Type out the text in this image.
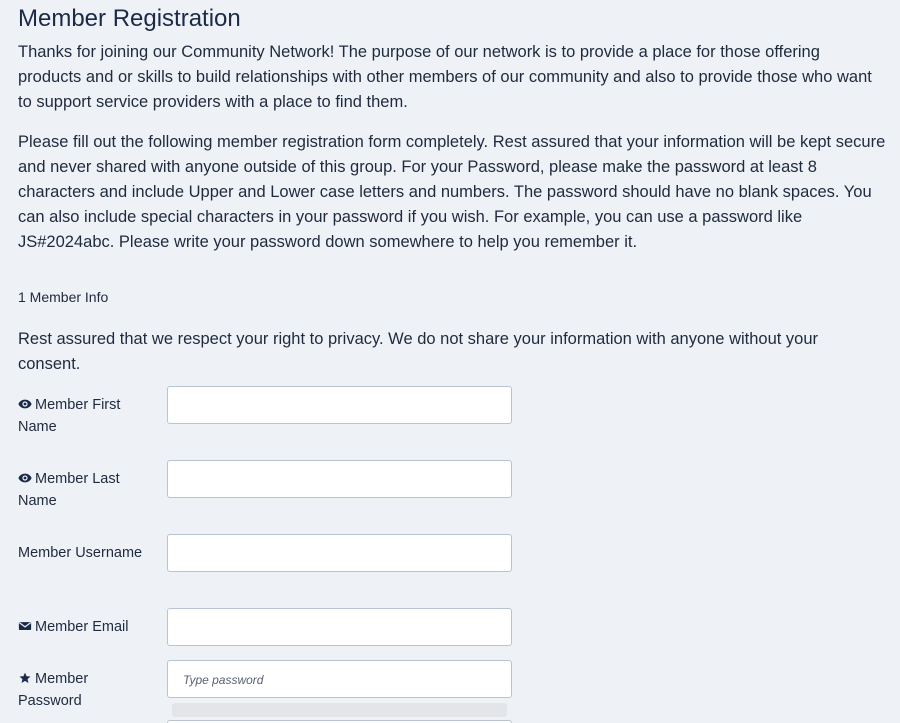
Member Registration

Thanks for joining our Community Network! The purpose of our network is to provide a place for those offering products and or skills to build relationships with other members of our community and also to provide those who want to support service providers with a place to find them.

Please fill out the following member registration form completely. Rest assured that your information will be kept secure and never shared with anyone outside of this group. For your Password, please make the password at least 8 characters and include Upper and Lower case letters and numbers. The password should have no blank spaces. You can also include special characters in your password if you wish. For example, you can use a password like JS#2024abc. Please write your password down somewhere to help you remember it.

1 Member Info

Rest assured that we respect your right to privacy. We do not share your information with anyone without your consent.

Member First Name
Member Last Name
Member Username
Member Email
Member Password
